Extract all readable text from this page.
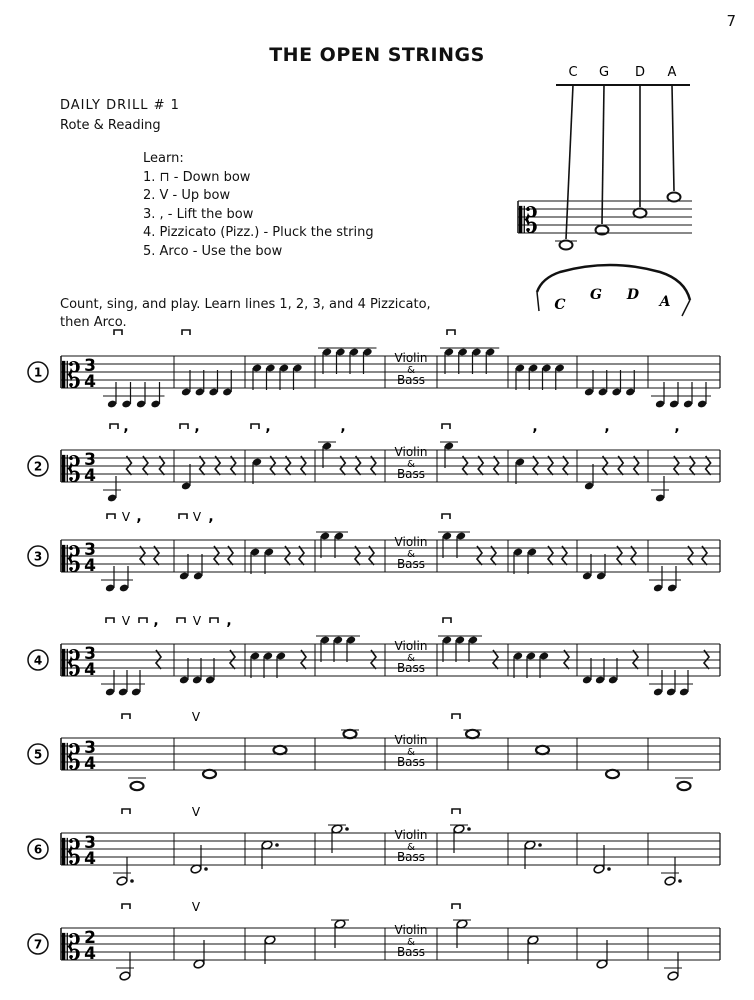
7
THE OPEN STRINGS
DAILY DRILL # 1
Rote & Reading
Learn:
1. ⊓ - Down bow
2. V - Up bow
3. , - Lift the bow
4. Pizzicato (Pizz.) - Pluck the string
5. Arco - Use the bow
Count, sing, and play. Learn lines 1, 2, 3, and 4 Pizzicato,
then Arco.
C G D A
𝄡
C
G D A
1 𝄡 3
4
Violin
&
Bass
2 𝄡 3
4
Violin
&
Bass
,	,	,	,	,	,	,
3 𝄡 3
4
Violin
&
Bass
V ,	V ,
4 𝄡 3
4
Violin
&
Bass
V ,	V ,
5 𝄡 3
4
Violin
&
Bass
V
6 𝄡 3
4
Violin
&
Bass
V
7 𝄡 2
4
Violin
&
Bass
V
